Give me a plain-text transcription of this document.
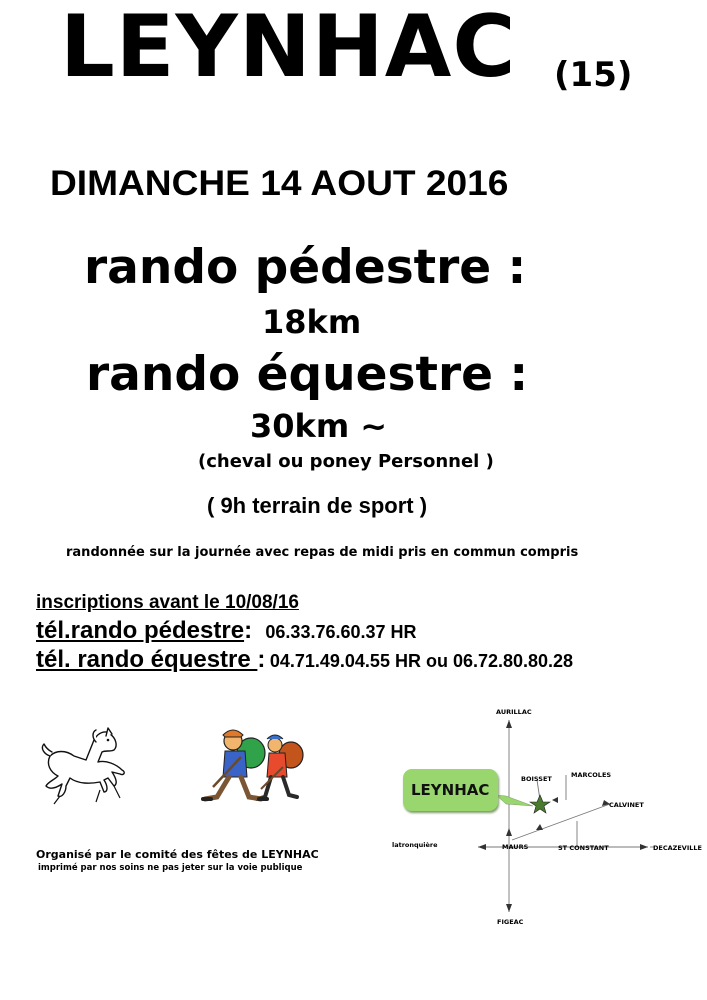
LEYNHAC (15)
DIMANCHE 14 AOUT 2016
rando pédestre :
18km
rando équestre :
30km ~
(cheval ou poney Personnel )
( 9h terrain de sport )
randonnée sur la journée avec repas de midi pris en commun compris
inscriptions avant le 10/08/16
tél.rando pédestre: 06.33.76.60.37 HR
tél. rando équestre : 04.71.49.04.55 HR ou 06.72.80.80.28
Organisé par le comité des fêtes de LEYNHAC
imprimé par nos soins ne pas jeter sur la voie publique
LEYNHAC
AURILLAC
BOISSET	MARCOLES
CALVINET
latronquière	MAURS	ST CONSTANT	DECAZEVILLE
FIGEAC
